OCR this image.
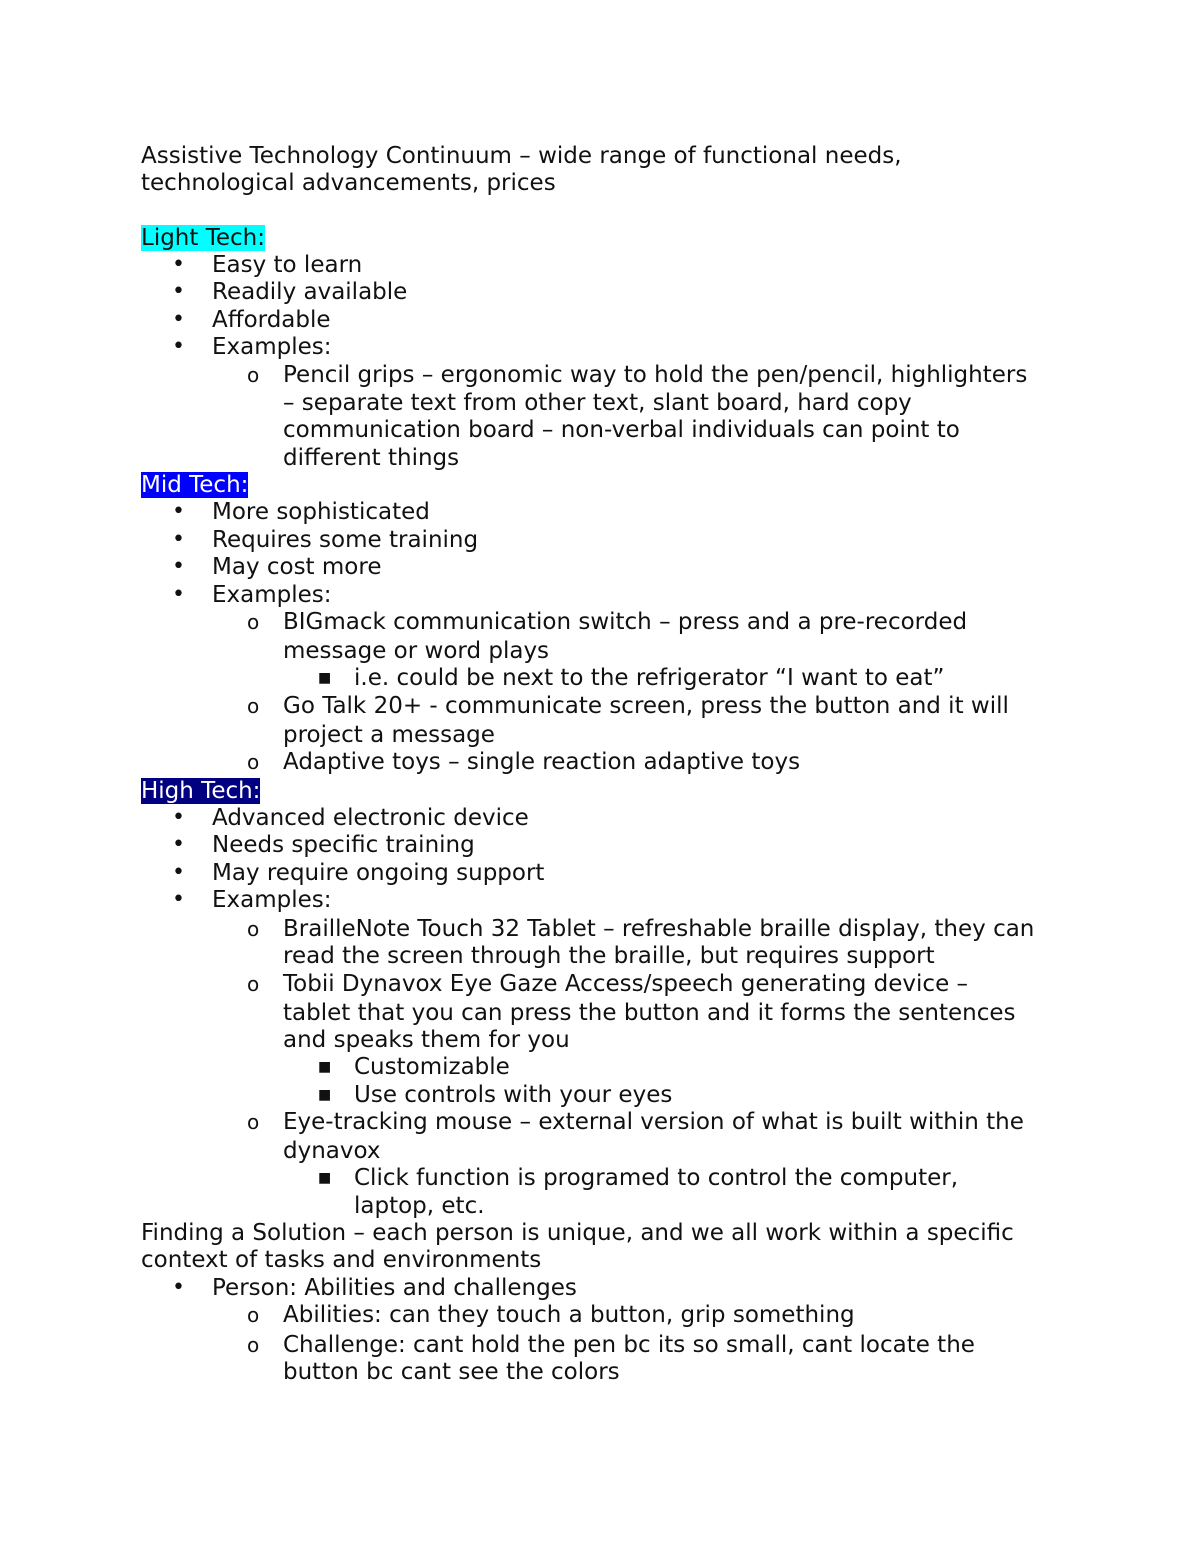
Assistive Technology Continuum – wide range of functional needs,
technological advancements, prices
Light Tech:
• Easy to learn
• Readily available
• Affordable
• Examples:
o Pencil grips – ergonomic way to hold the pen/pencil, highlighters
– separate text from other text, slant board, hard copy
communication board – non-verbal individuals can point to
different things
Mid Tech:
• More sophisticated
• Requires some training
• May cost more
• Examples:
o BIGmack communication switch – press and a pre-recorded
message or word plays
■ i.e. could be next to the refrigerator “I want to eat”
o Go Talk 20+ - communicate screen, press the button and it will
project a message
o Adaptive toys – single reaction adaptive toys
High Tech:
• Advanced electronic device
• Needs specific training
• May require ongoing support
• Examples:
o BrailleNote Touch 32 Tablet – refreshable braille display, they can
read the screen through the braille, but requires support
o Tobii Dynavox Eye Gaze Access/speech generating device –
tablet that you can press the button and it forms the sentences
and speaks them for you
■ Customizable
■ Use controls with your eyes
o Eye-tracking mouse – external version of what is built within the
dynavox
■ Click function is programed to control the computer,
laptop, etc.
Finding a Solution – each person is unique, and we all work within a specific
context of tasks and environments
• Person: Abilities and challenges
o Abilities: can they touch a button, grip something
o Challenge: cant hold the pen bc its so small, cant locate the
button bc cant see the colors
